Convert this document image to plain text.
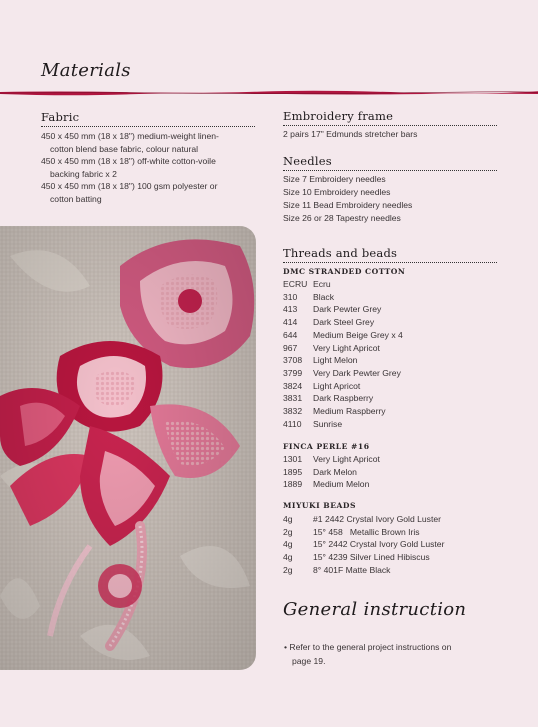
Materials
Fabric
450 x 450 mm (18 x 18") medium-weight linen-
cotton blend base fabric, colour natural
450 x 450 mm (18 x 18") off-white cotton-voile
backing fabric x 2
450 x 450 mm (18 x 18") 100 gsm polyester or
cotton batting
Embroidery frame
2 pairs 17" Edmunds stretcher bars
Needles
Size 7 Embroidery needles
Size 10 Embroidery needles
Size 11 Bead Embroidery needles
Size 26 or 28 Tapestry needles
Threads and beads
DMC STRANDED COTTON
ECRU Ecru
310 Black
413 Dark Pewter Grey
414 Dark Steel Grey
644 Medium Beige Grey x 4
967 Very Light Apricot
3708 Light Melon
3799 Very Dark Pewter Grey
3824 Light Apricot
3831 Dark Raspberry
3832 Medium Raspberry
4110 Sunrise
FINCA PERLE #16
1301 Very Light Apricot
1895 Dark Melon
1889 Medium Melon
MIYUKI BEADS
4g #1 2442 Crystal Ivory Gold Luster
2g 15° 458   Metallic Brown Iris
4g 15° 2442 Crystal Ivory Gold Luster
4g 15° 4239 Silver Lined Hibiscus
2g 8° 401F Matte Black
General instruction
• Refer to the general project instructions on
page 19.
